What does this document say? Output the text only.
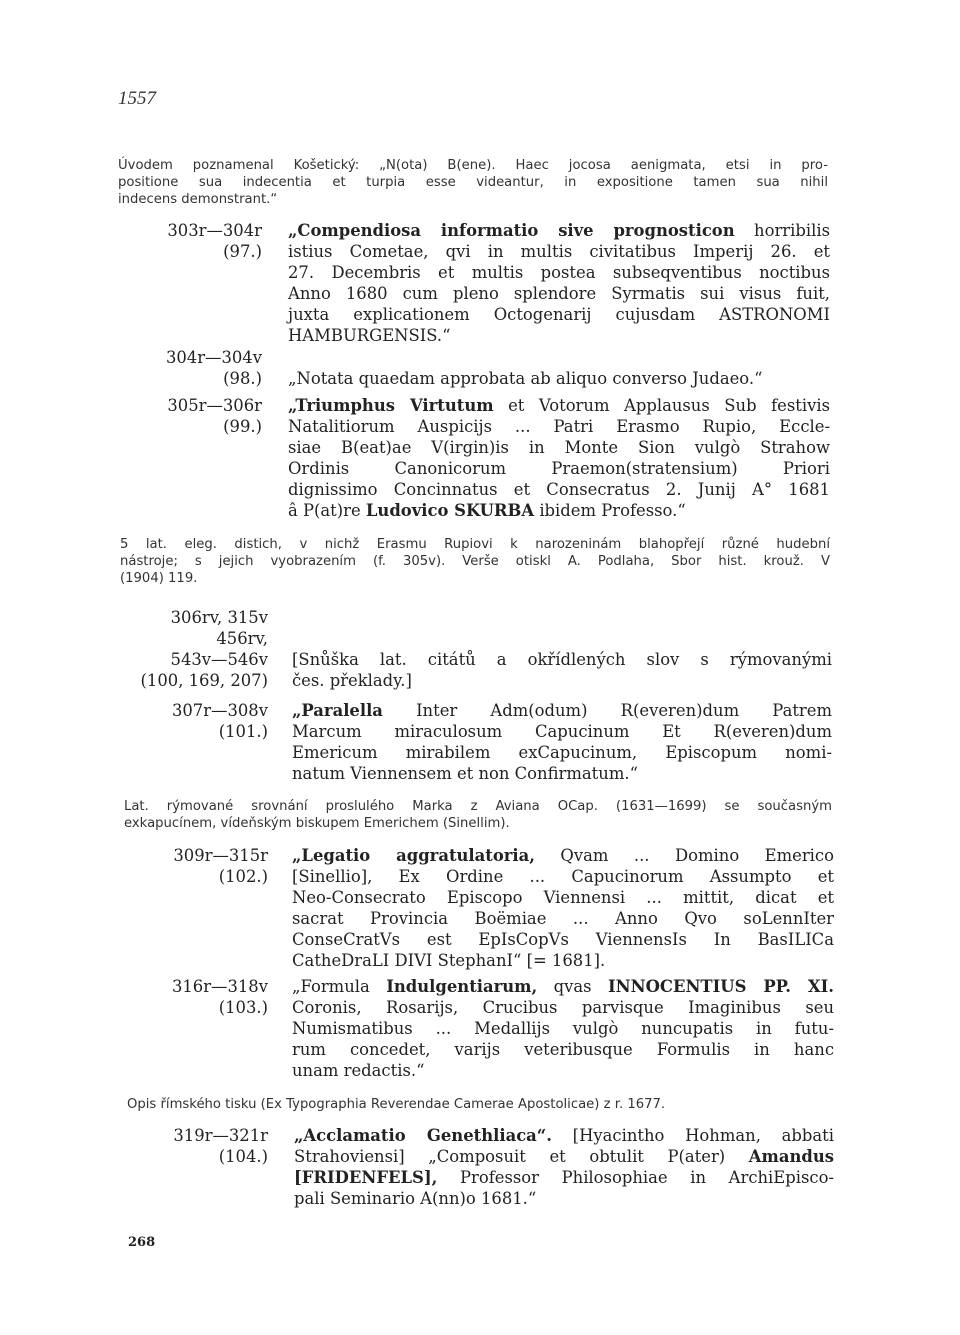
1557
Úvodem poznamenal Košetický: „N(ota) B(ene). Haec jocosa aenigmata, etsi in pro-
positione sua indecentia et turpia esse videantur, in expositione tamen sua nihil
indecens demonstrant.“
303r—304r
(97.)
„Compendiosa informatio sive prognosticon horribilis
istius Cometae, qvi in multis civitatibus Imperij 26. et
27. Decembris et multis postea subseqventibus noctibus
Anno 1680 cum pleno splendore Syrmatis sui visus fuit,
juxta explicationem Octogenarij cujusdam ASTRONOMI
HAMBURGENSIS.“
304r—304v
(98.) „Notata quaedam approbata ab aliquo converso Judaeo.“
305r—306r
(99.)
„Triumphus Virtutum et Votorum Applausus Sub festivis
Natalitiorum Auspicijs ... Patri Erasmo Rupio, Eccle-
siae B(eat)ae V(irgin)is in Monte Sion vulgò Strahow
Ordinis Canonicorum Praemon(stratensium) Priori
dignissimo Concinnatus et Consecratus 2. Junij A° 1681
â P(at)re Ludovico SKURBA ibidem Professo.“
5 lat. eleg. distich, v nichž Erasmu Rupiovi k narozeninám blahopřejí různé hudební
nástroje; s jejich vyobrazením (f. 305v). Verše otiskl A. Podlaha, Sbor hist. krouž. V
(1904) 119.
306rv, 315v
456rv,
543v—546v
(100, 169, 207)
[Snůška lat. citátů a okřídlených slov s rýmovanými
čes. překlady.]
307r—308v
(101.)
„Paralella Inter Adm(odum) R(everen)dum Patrem
Marcum miraculosum Capucinum Et R(everen)dum
Emericum mirabilem exCapucinum, Episcopum nomi-
natum Viennensem et non Confirmatum.“
Lat. rýmované srovnání proslulého Marka z Aviana OCap. (1631—1699) se současným
exkapucínem, vídeňským biskupem Emerichem (Sinellim).
309r—315r
(102.)
„Legatio aggratulatoria, Qvam ... Domino Emerico
[Sinellio], Ex Ordine ... Capucinorum Assumpto et
Neo-Consecrato Episcopo Viennensi ... mittit, dicat et
sacrat Provincia Boëmiae ... Anno Qvo soLennIter
ConseCratVs est EpIsCopVs ViennensIs In BasILICa
CatheDraLI DIVI StephanI“ [= 1681].
316r—318v
(103.)
„Formula Indulgentiarum, qvas INNOCENTIUS PP. XI.
Coronis, Rosarijs, Crucibus parvisque Imaginibus seu
Numismatibus ... Medallijs vulgò nuncupatis in futu-
rum concedet, varijs veteribusque Formulis in hanc
unam redactis.“
Opis římského tisku (Ex Typographia Reverendae Camerae Apostolicae) z r. 1677.
319r—321r
(104.)
„Acclamatio Genethliaca“. [Hyacintho Hohman, abbati
Strahoviensi] „Composuit et obtulit P(ater) Amandus
[FRIDENFELS], Professor Philosophiae in ArchiEpisco-
pali Seminario A(nn)o 1681.“
268
